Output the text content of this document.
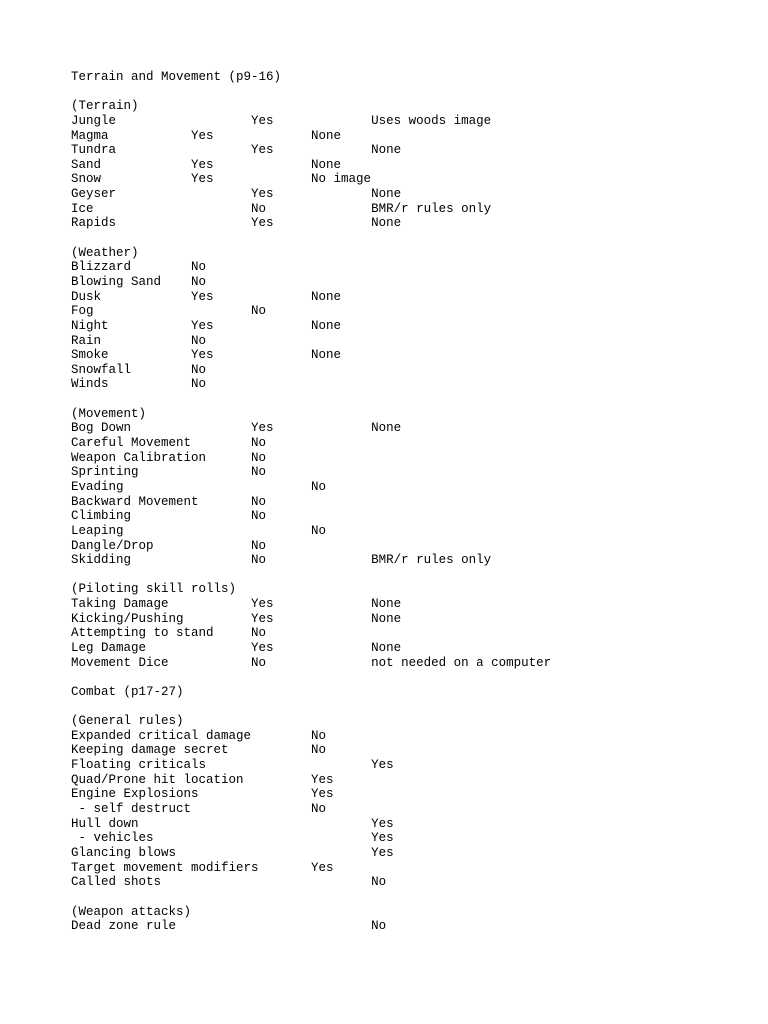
Terrain and Movement (p9-16)
(Terrain)
Jungle			Yes		Uses woods image
Magma		Yes		None
Tundra			Yes		None
Sand		Yes		None
Snow		Yes		No image
Geyser			Yes		None
Ice			No		BMR/r rules only
Rapids			Yes		None
(Weather)
Blizzard	No
Blowing Sand	No
Dusk		Yes		None
Fog			No
Night		Yes		None
Rain		No
Smoke		Yes		None
Snowfall	No
Winds		No
(Movement)
Bog Down		Yes		None
Careful Movement	No
Weapon Calibration	No
Sprinting		No
Evading				No
Backward Movement	No
Climbing		No
Leaping				No
Dangle/Drop		No
Skidding		No		BMR/r rules only
(Piloting skill rolls)
Taking Damage		Yes		None
Kicking/Pushing		Yes		None
Attempting to stand	No
Leg Damage		Yes		None
Movement Dice		No		not needed on a computer
Combat (p17-27)
(General rules)
Expanded critical damage	No
Keeping damage secret		No
Floating criticals			Yes
Quad/Prone hit location		Yes
Engine Explosions		Yes
- self destruct		No
Hull down				Yes
- vehicles				Yes
Glancing blows				Yes
Target movement modifiers	Yes
Called shots				No
(Weapon attacks)
Dead zone rule				No
